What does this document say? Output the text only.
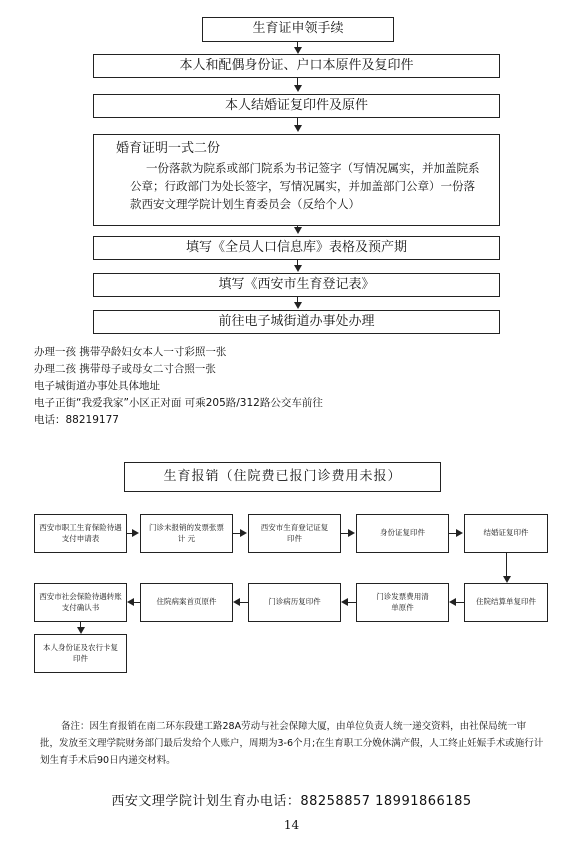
生育证申领手续
本人和配偶身份证、户口本原件及复印件
本人结婚证复印件及原件
婚育证明一式二份
一份落款为院系或部门院系为书记签字（写情况属实，并加盖院系公章；行政部门为处长签字，写情况属实，并加盖部门公章）一份落款西安文理学院计划生育委员会（反给个人）
填写《全员人口信息库》表格及预产期
填写《西安市生育登记表》
前往电子城街道办事处办理
办理一孩 携带孕龄妇女本人一寸彩照一张
办理二孩 携带母子或母女二寸合照一张
电子城街道办事处具体地址
电子正街“我爱我家”小区正对面 可乘205路/312路公交车前往
电话：88219177
生育报销（住院费已报门诊费用未报）
西安市职工生育保险待遇支付申请表
门诊未报销的发票张票计 元
西安市生育登记证复印件
身份证复印件	结婚证复印件
西安市社会保险待遇转账支付确认书
住院病案首页原件	门诊病历复印件
门诊发票费用清单原件
住院结算单复印件
本人身份证及农行卡复印件
备注：因生育报销在南二环东段建工路28A劳动与社会保障大厦，由单位负责人统一递交资料，由社保局统一审批，发放至文理学院财务部门最后发给个人账户，周期为3-6个月;在生育职工分娩休满产假，人工终止妊娠手术或施行计划生育手术后90日内递交材料。
西安文理学院计划生育办电话：88258857 18991866185
14
